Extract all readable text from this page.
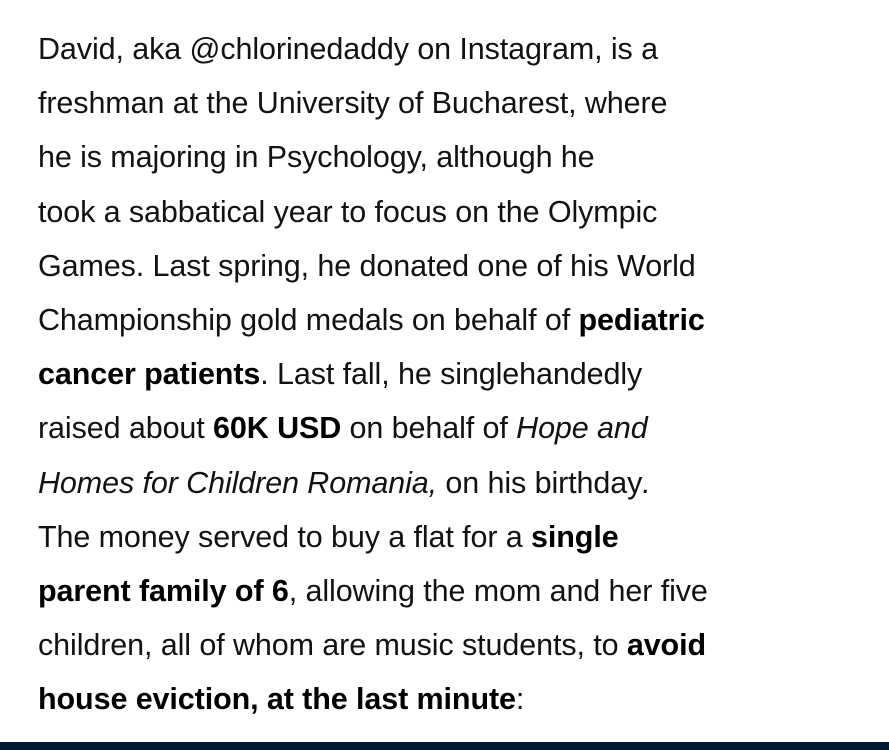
David, aka @chlorinedaddy on Instagram, is a
freshman at the University of Bucharest, where
he is majoring in Psychology, although he
took a sabbatical year to focus on the Olympic
Games. Last spring, he donated one of his World
Championship gold medals on behalf of pediatric
cancer patients. Last fall, he singlehandedly
raised about 60K USD on behalf of Hope and
Homes for Children Romania, on his birthday.
The money served to buy a flat for a single
parent family of 6, allowing the mom and her five
children, all of whom are music students, to avoid
house eviction, at the last minute:
